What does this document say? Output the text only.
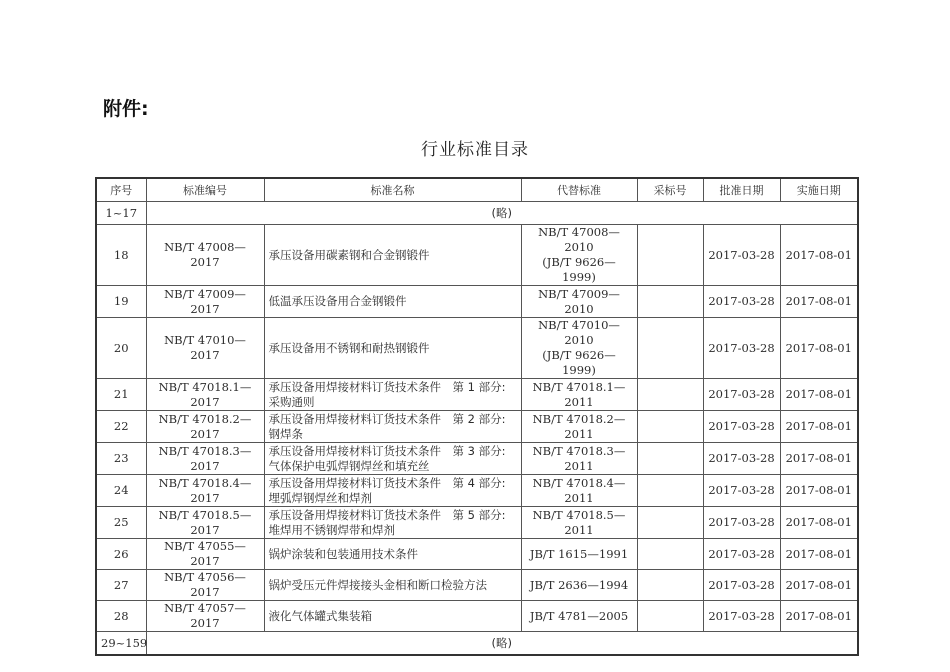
附件:
行业标准目录
序号	标准编号	标准名称	代替标准	采标号	批准日期	实施日期
1~17	(略)					

18	NB/T 47008—2017	承压设备用碳素钢和合金钢锻件	NB/T 47008—2010
(JB/T 9626—1999)		2017-03-28	2017-08-01

19	NB/T 47009—2017	低温承压设备用合金钢锻件	NB/T 47009—2010		2017-03-28	2017-08-01

20	NB/T 47010—2017	承压设备用不锈钢和耐热钢锻件	NB/T 47010—2010
(JB/T 9626—1999)		2017-03-28	2017-08-01

21	NB/T 47018.1—2017	承压设备用焊接材料订货技术条件　第 1 部分:
采购通则	NB/T 47018.1—2011		2017-03-28	2017-08-01

22	NB/T 47018.2—2017	承压设备用焊接材料订货技术条件　第 2 部分:
钢焊条	NB/T 47018.2—2011		2017-03-28	2017-08-01

23	NB/T 47018.3—2017	承压设备用焊接材料订货技术条件　第 3 部分:
气体保护电弧焊钢焊丝和填充丝	NB/T 47018.3—2011		2017-03-28	2017-08-01

24	NB/T 47018.4—2017	承压设备用焊接材料订货技术条件　第 4 部分:
埋弧焊钢焊丝和焊剂	NB/T 47018.4—2011		2017-03-28	2017-08-01

25	NB/T 47018.5—2017	承压设备用焊接材料订货技术条件　第 5 部分:
堆焊用不锈钢焊带和焊剂	NB/T 47018.5—2011		2017-03-28	2017-08-01

26	NB/T 47055—2017	锅炉涂装和包装通用技术条件	JB/T 1615—1991		2017-03-28	2017-08-01

27	NB/T 47056—2017	锅炉受压元件焊接接头金相和断口检验方法	JB/T 2636—1994		2017-03-28	2017-08-01

28	NB/T 47057—2017	液化气体罐式集装箱	JB/T 4781—2005		2017-03-28	2017-08-01

29~159	(略)					
